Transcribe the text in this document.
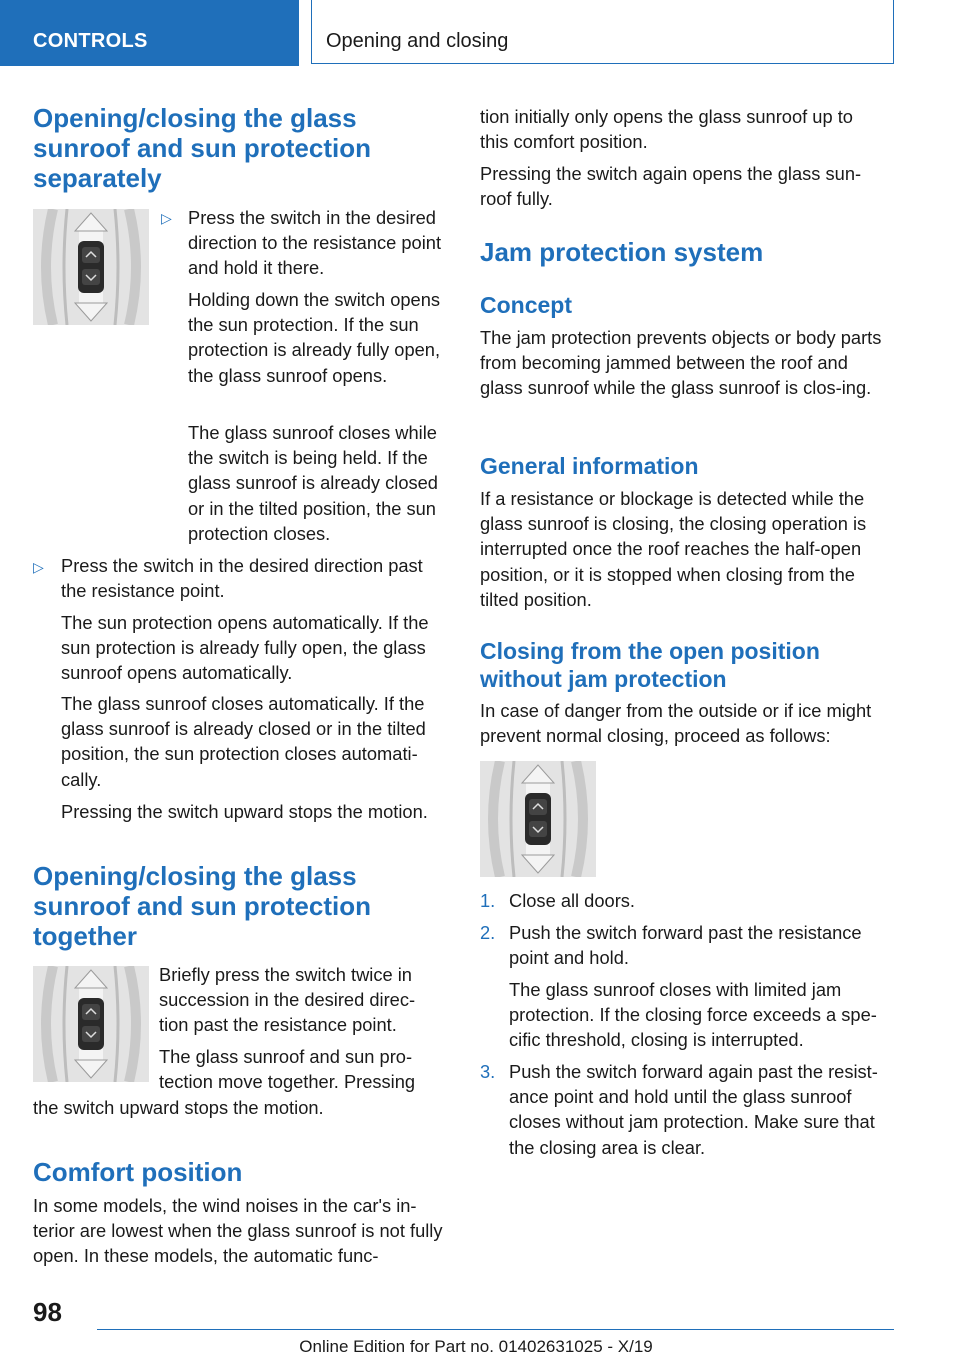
CONTROLS	Opening and closing
Opening/closing the glass sunroof and sun protection separately
▷ Press the switch in the desired direction to the resistance point and hold it there.

Holding down the switch opens the sun protection. If the sun protection is already fully open, the glass sunroof opens.

The glass sunroof closes while the switch is being held. If the glass sunroof is already closed or in the tilted position, the sun protection closes.

▷ Press the switch in the desired direction past the resistance point.

The sun protection opens automatically. If the sun protection is already fully open, the glass sunroof opens automatically.

The glass sunroof closes automatically. If the glass sunroof is already closed or in the tilted position, the sun protection closes automati‐cally.

Pressing the switch upward stops the motion.

Opening/closing the glass sunroof and sun protection together

Briefly press the switch twice in succession in the desired direc‐tion past the resistance point.

The glass sunroof and sun pro‐tection move together. Pressing

the switch upward stops the motion.

Comfort position

In some models, the wind noises in the car's in‐terior are lowest when the glass sunroof is not fully open. In these models, the automatic func‐

tion initially only opens the glass sunroof up to this comfort position.

Pressing the switch again opens the glass sun‐roof fully.

Jam protection system
Concept

The jam protection prevents objects or body parts from becoming jammed between the roof and glass sunroof while the glass sunroof is clos‐ing.

General information

If a resistance or blockage is detected while the glass sunroof is closing, the closing operation is interrupted once the roof reaches the half-open position, or it is stopped when closing from the tilted position.

Closing from the open position without jam protection

In case of danger from the outside or if ice might prevent normal closing, proceed as follows:

1. Close all doors.

2. Push the switch forward past the resistance point and hold.

The glass sunroof closes with limited jam protection. If the closing force exceeds a spe‐cific threshold, closing is interrupted.

3. Push the switch forward again past the resist‐ance point and hold until the glass sunroof closes without jam protection. Make sure that the closing area is clear.

98
Online Edition for Part no. 01402631025 - X/19
